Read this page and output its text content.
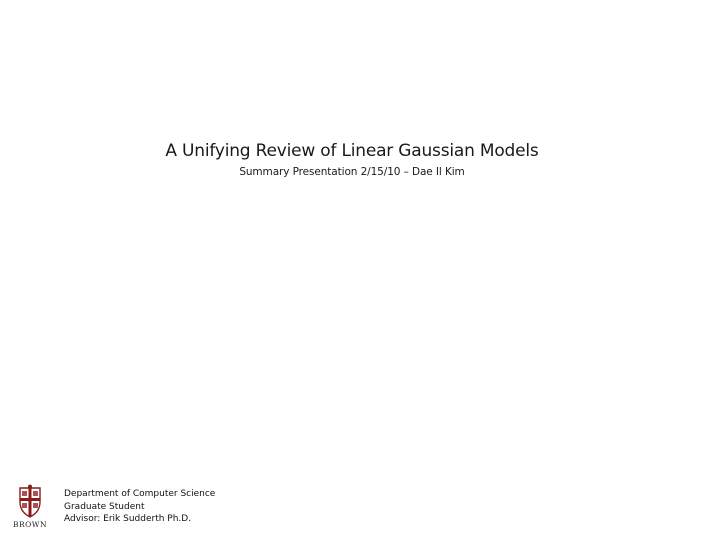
A Unifying Review of Linear Gaussian Models
Summary Presentation 2/15/10 – Dae Il Kim
BROWN
Department of Computer Science
Graduate Student
Advisor: Erik Sudderth Ph.D.
